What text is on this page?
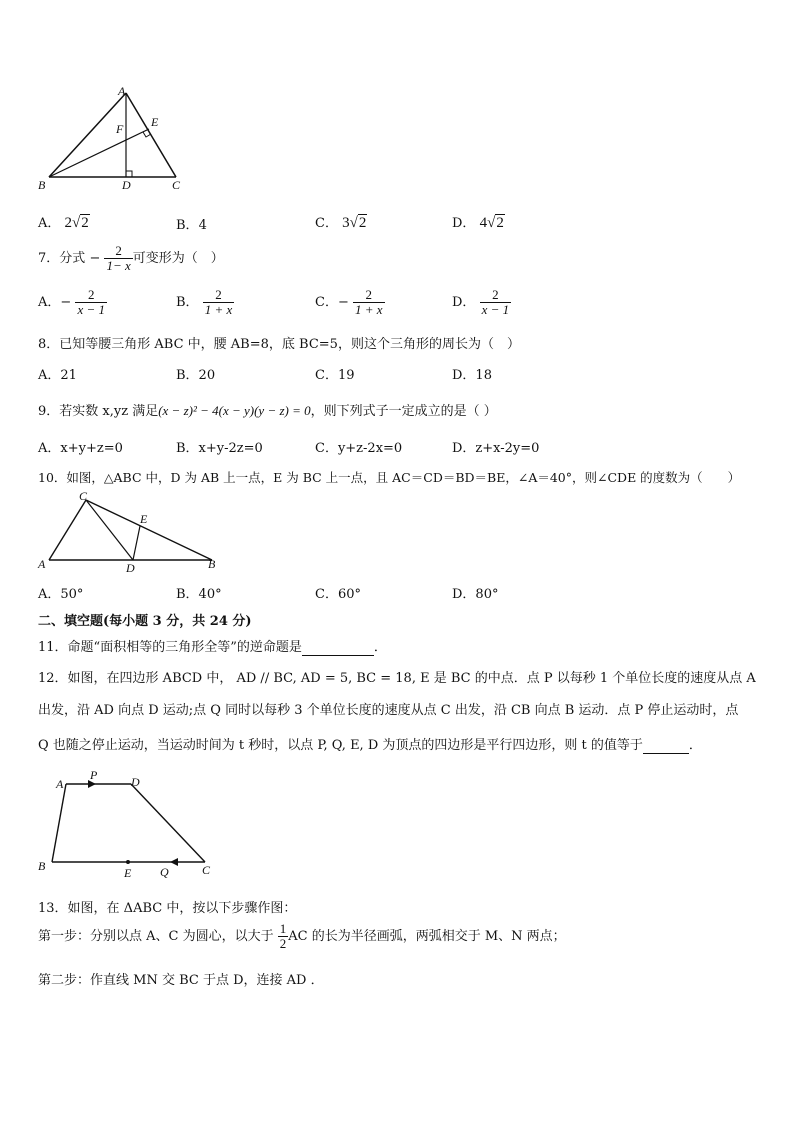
A
B	C
D
E
F
A． 2√2	B．4	C． 3√2	D． 4√2
7．分式 − $\frac{2}{1- x}$ 可变形为（　）
A．− $\frac{2}{x - 1}$	B． $\frac{2}{1 + x}$	C．− $\frac{2}{1 + x}$	D． $\frac{2}{x - 1}$
8．已知等腰三角形 ABC 中，腰 AB=8，底 BC=5，则这个三角形的周长为（　）
A．21	B．20	C．19	D．18
9．若实数 x,yz 满足(x − z)² − 4(x − y)(y − z) = 0，则下列式子一定成立的是（ ）
A．x+y+z=0	B．x+y-2z=0	C．y+z-2x=0	D．z+x-2y=0
10．如图，△ABC 中，D 为 AB 上一点，E 为 BC 上一点，且 AC＝CD＝BD＝BE，∠A＝40°，则∠CDE 的度数为（　　）
C
E
A	D	B
A．50°	B．40°	C．60°	D．80°
二、填空题(每小题 3 分，共 24 分)
11．命题“面积相等的三角形全等”的逆命题是	．
12．如图，在四边形 ABCD 中， AD // BC, AD = 5, BC = 18, E 是 BC 的中点．点 P 以每秒 1 个单位长度的速度从点 A
出发，沿 AD 向点 D 运动;点 Q 同时以每秒 3 个单位长度的速度从点 C 出发，沿 CB 向点 B 运动．点 P 停止运动时，点
Q 也随之停止运动，当运动时间为 t 秒时，以点 P, Q, E, D 为顶点的四边形是平行四边形，则 t 的值等于	．
A
P	D
B	E Q	C
13．如图，在 ΔABC 中，按以下步骤作图：
第一步：分别以点 A、C 为圆心，以大于 $\frac{1}{2}$ AC 的长为半径画弧，两弧相交于 M、N 两点；
第二步：作直线 MN 交 BC 于点 D，连接 AD ．
